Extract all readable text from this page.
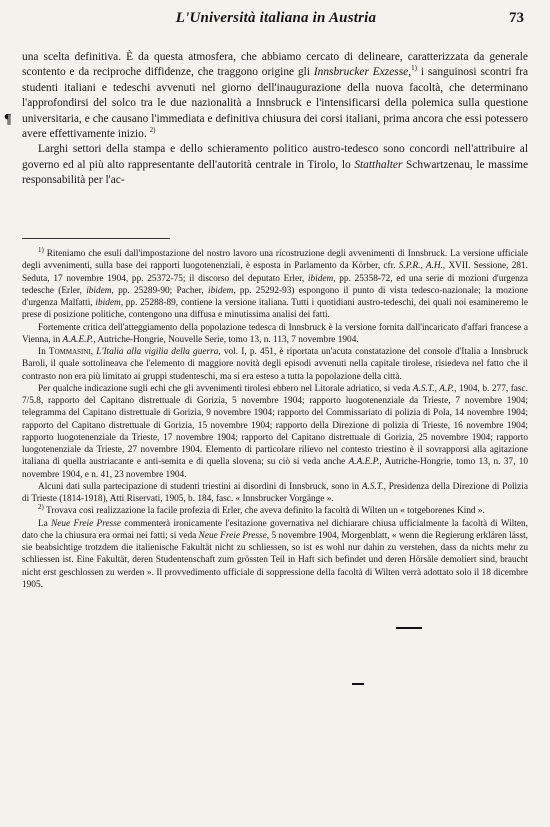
L'Università italiana in Austria	73
¶

una scelta definitiva. È da questa atmosfera, che abbiamo cercato di delineare, caratterizzata da generale scontento e da reciproche diffidenze, che traggono origine gli Innsbrucker Exzesse,$^{1)}$ i sanguinosi scontri fra studenti italiani e tedeschi avvenuti nel giorno dell'inaugurazione della nuova facoltà, che determinano l'approfondirsi del solco tra le due nazionalità a Innsbruck e l'intensificarsi della polemica sulla questione universitaria, e che causano l'immediata e definitiva chiusura dei corsi italiani, prima ancora che essi potessero avere effettivamente inizio. $^{2)}$

Larghi settori della stampa e dello schieramento politico austro-tedesco sono concordi nell'attribuire al governo ed al più alto rappresentante dell'autorità centrale in Tirolo, lo Statthalter Schwartzenau, le massime responsabilità per l'ac-

$^{1)}$ Riteniamo che esuli dall'impostazione del nostro lavoro una ricostruzione degli avvenimenti di Innsbruck. La versione ufficiale degli avvenimenti, sulla base dei rapporti luogotenenziali, è esposta in Parlamento da Körber, cfr. S.P.R., A.H., XVII. Sessione, 281. Seduta, 17 novembre 1904, pp. 25372-75; il discorso del deputato Erler, ibidem, pp. 25358-72, ed una serie di mozioni d'urgenza tedesche (Erler, ibidem, pp. 25289-90; Pacher, ibidem, pp. 25292-93) espongono il punto di vista tedesco-nazionale; la mozione d'urgenza Malfatti, ibidem, pp. 25288-89, contiene la versione italiana. Tutti i quotidiani austro-tedeschi, dei quali noi esamineremo le prese di posizione politiche, contengono una diffusa e minutissima analisi dei fatti.

Fortemente critica dell'atteggiamento della popolazione tedesca di Innsbruck è la versione fornita dall'incaricato d'affari francese a Vienna, in A.A.E.P., Autriche-Hongrie, Nouvelle Serie, tomo 13, n. 113, 7 novembre 1904.

In Tommasini, L'Italia alla vigilia della guerra, vol. I, p. 451, è riportata un'acuta constatazione del console d'Italia a Innsbruck Baroli, il quale sottolineava che l'elemento di maggiore novità degli episodi avvenuti nella capitale tirolese, risiedeva nel fatto che il contrasto non era più limitato ai gruppi studenteschi, ma si era esteso a tutta la popolazione della città.

Per qualche indicazione sugli echi che gli avvenimenti tirolesi ebbero nel Litorale adriatico, si veda A.S.T., A.P., 1904, b. 277, fasc. 7/5.8, rapporto del Capitano distrettuale di Gorizia, 5 novembre 1904; rapporto luogotenenziale da Trieste, 7 novembre 1904; telegramma del Capitano distrettuale di Gorizia, 9 novembre 1904; rapporto del Commissariato di polizia di Pola, 14 novembre 1904; rapporto del Capitano distrettuale di Gorizia, 15 novembre 1904; rapporto della Direzione di polizia di Trieste, 16 novembre 1904; rapporto luogotenenziale da Trieste, 17 novembre 1904; rapporto del Capitano distrettuale di Gorizia, 25 novembre 1904; rapporto luogotenenziale da Trieste, 27 novembre 1904. Elemento di particolare rilievo nel contesto triestino è il sovrapporsi alla agitazione italiana di quella austriacante e anti-semita e di quella slovena; su ciò si veda anche A.A.E.P., Autriche-Hongrie, tomo 13, n. 37, 10 novembre 1904, e n. 41, 23 novembre 1904.

Alcuni dati sulla partecipazione di studenti triestini ai disordini di Innsbruck, sono in A.S.T., Presidenza della Direzione di Polizia di Trieste (1814-1918), Atti Riservati, 1905, b. 184, fasc. « Innsbrucker Vorgänge ».

$^{2)}$ Trovava così realizzazione la facile profezia di Erler, che aveva definito la facoltà di Wilten un « totgeborenes Kind ».

La Neue Freie Presse commenterà ironicamente l'esitazione governativa nel dichiarare chiusa ufficialmente la facoltà di Wilten, dato che la chiusura era ormai nei fatti; si veda Neue Freie Presse, 5 novembre 1904, Morgenblatt, « wenn die Regierung erklären lässt, sie beabsichtige trotzdem die italienische Fakultät nicht zu schliessen, so ist es wohl nur dahin zu verstehen, dass da nichts mehr zu schliessen ist. Eine Fakultät, deren Studentenschaft zum grössten Teil in Haft sich befindet und deren Hörsäle demoliert sind, braucht nicht erst geschlossen zu werden ». Il provvedimento ufficiale di soppressione della facoltà di Wilten verrà adottato solo il 18 dicembre 1905.
